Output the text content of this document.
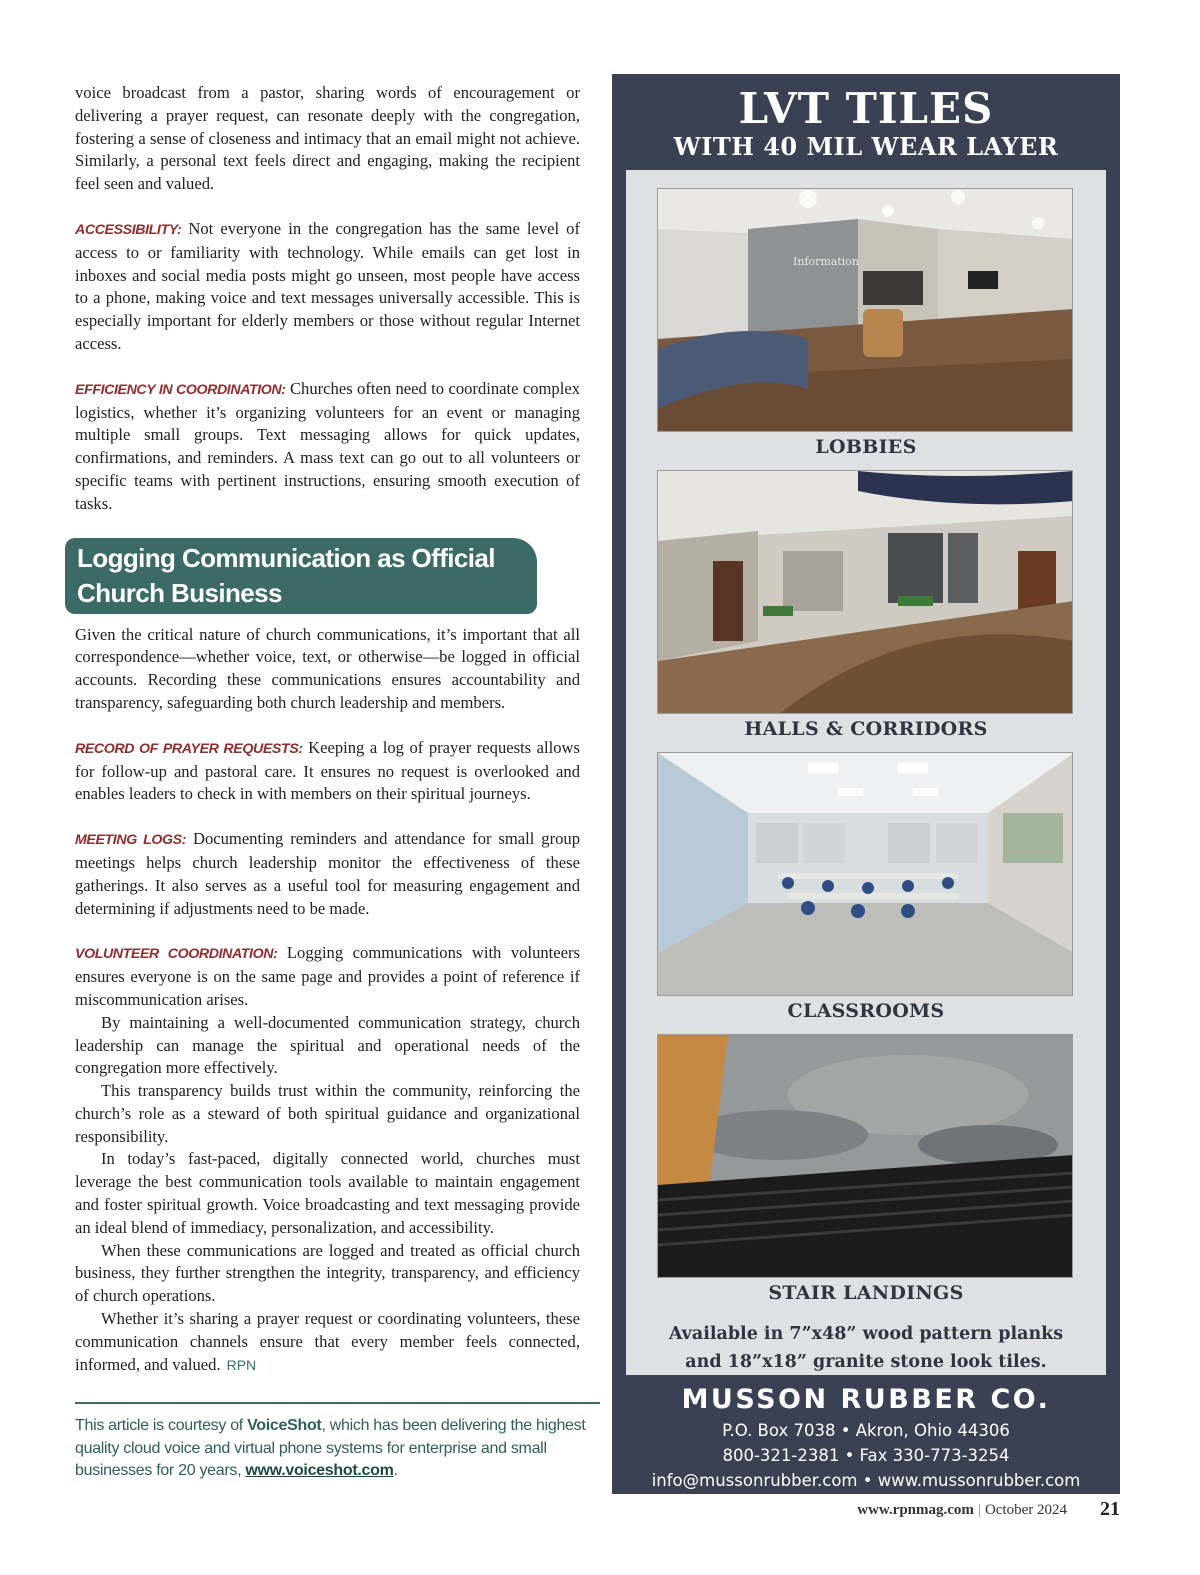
voice broadcast from a pastor, sharing words of encouragement or delivering a prayer request, can resonate deeply with the congregation, fostering a sense of closeness and intimacy that an email might not achieve. Similarly, a personal text feels direct and engaging, making the recipient feel seen and valued.

ACCESSIBILITY: Not everyone in the congregation has the same level of access to or familiarity with technology. While emails can get lost in inboxes and social media posts might go unseen, most people have access to a phone, making voice and text messages universally accessible. This is especially important for elderly members or those without regular Internet access.

EFFICIENCY IN COORDINATION: Churches often need to coordinate complex logistics, whether it’s organizing volunteers for an event or managing multiple small groups. Text messaging allows for quick updates, confirmations, and reminders. A mass text can go out to all volunteers or specific teams with pertinent instructions, ensuring smooth execution of tasks.

Logging Communication as Official Church Business

Given the critical nature of church communications, it’s important that all correspondence—whether voice, text, or otherwise—be logged in official accounts. Recording these communications ensures accountability and transparency, safeguarding both church leadership and members.

RECORD OF PRAYER REQUESTS: Keeping a log of prayer requests allows for follow-up and pastoral care. It ensures no request is overlooked and enables leaders to check in with members on their spiritual journeys.

MEETING LOGS: Documenting reminders and attendance for small group meetings helps church leadership monitor the effectiveness of these gatherings. It also serves as a useful tool for measuring engagement and determining if adjustments need to be made.

VOLUNTEER COORDINATION: Logging communications with volunteers ensures everyone is on the same page and provides a point of reference if miscommunication arises.

By maintaining a well-documented communication strategy, church leadership can manage the spiritual and operational needs of the congregation more effectively.

This transparency builds trust within the community, reinforcing the church’s role as a steward of both spiritual guidance and organizational responsibility.

In today’s fast-paced, digitally connected world, churches must leverage the best communication tools available to maintain engagement and foster spiritual growth. Voice broadcasting and text messaging provide an ideal blend of immediacy, personalization, and accessibility.

When these communications are logged and treated as official church business, they further strengthen the integrity, transparency, and efficiency of church operations.

Whether it’s sharing a prayer request or coordinating volunteers, these communication channels ensure that every member feels connected, informed, and valued. RPN

This article is courtesy of VoiceShot, which has been delivering the highest quality cloud voice and virtual phone systems for enterprise and small businesses for 20 years, www.voiceshot.com.

LVT TILES
WITH 40 MIL WEAR LAYER
Information
LOBBIES
HALLS & CORRIDORS
CLASSROOMS
STAIR LANDINGS
Available in 7”x48” wood pattern planks
and 18”x18” granite stone look tiles.
MUSSON RUBBER CO.
P.O. Box 7038 • Akron, Ohio 44306
800-321-2381 • Fax 330-773-3254
info@mussonrubber.com • www.mussonrubber.com
www.rpnmag.com | October 2024 21
